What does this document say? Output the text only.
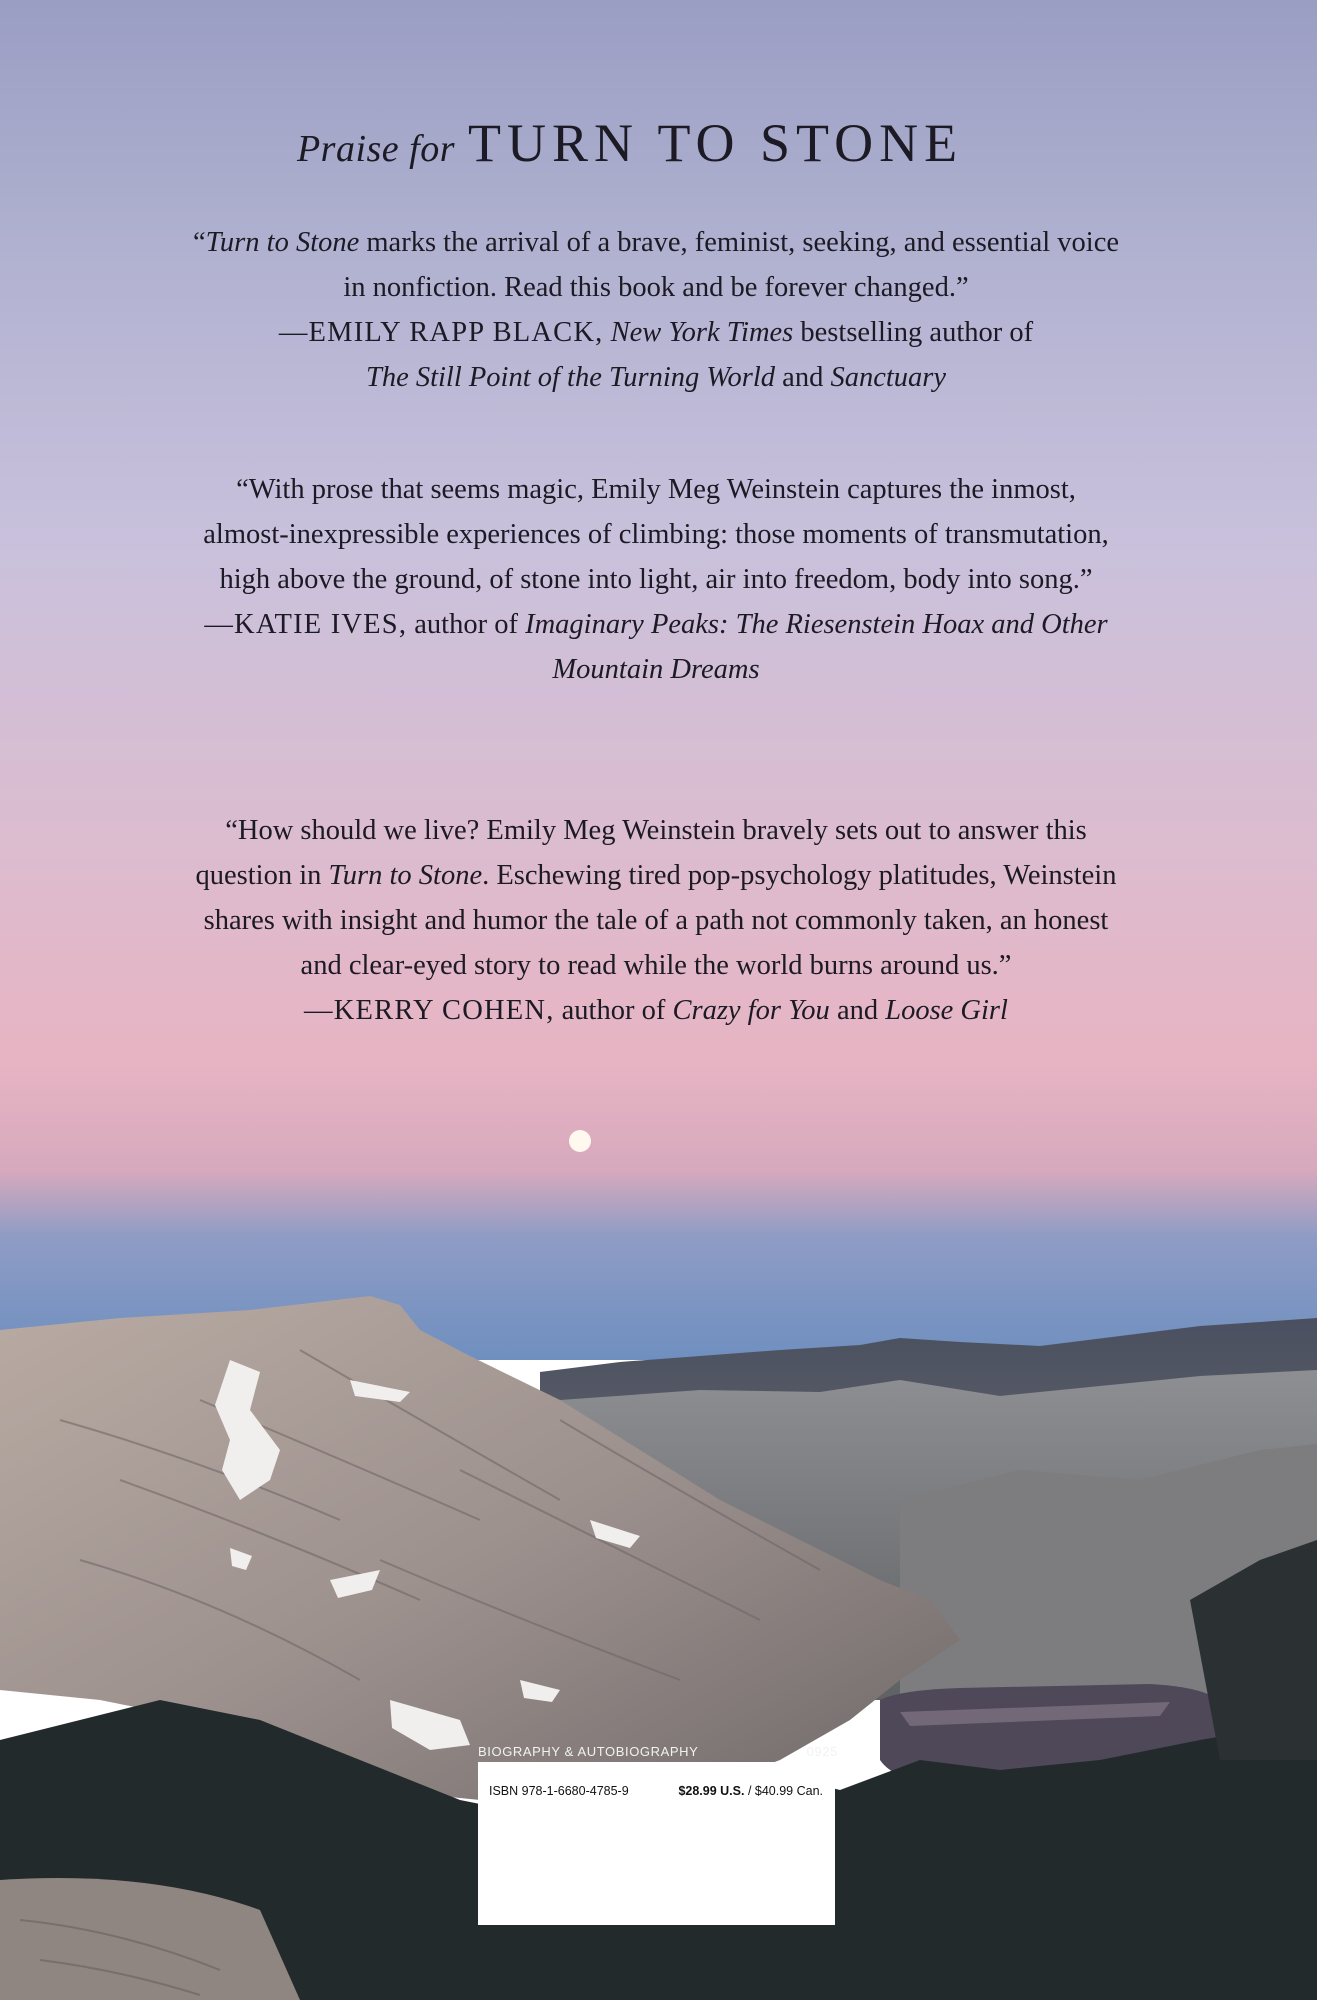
Praise for TURN TO STONE
“Turn to Stone marks the arrival of a brave, feminist, seeking, and essential voice in nonfiction. Read this book and be forever changed.”
—EMILY RAPP BLACK, New York Times bestselling author of
The Still Point of the Turning World and Sanctuary
“With prose that seems magic, Emily Meg Weinstein captures the inmost, almost-inexpressible experiences of climbing: those moments of transmutation, high above the ground, of stone into light, air into freedom, body into song.”
—KATIE IVES, author of Imaginary Peaks: The Riesenstein Hoax and Other Mountain Dreams
“How should we live? Emily Meg Weinstein bravely sets out to answer this question in Turn to Stone. Eschewing tired pop-psychology platitudes, Weinstein shares with insight and humor the tale of a path not commonly taken, an honest and clear-eyed story to read while the world burns around us.”
—KERRY COHEN, author of Crazy for You and Loose Girl
BIOGRAPHY & AUTOBIOGRAPHY	0925
ISBN 978-1-6680-4785-9	$28.99 U.S. / $40.99 Can.
